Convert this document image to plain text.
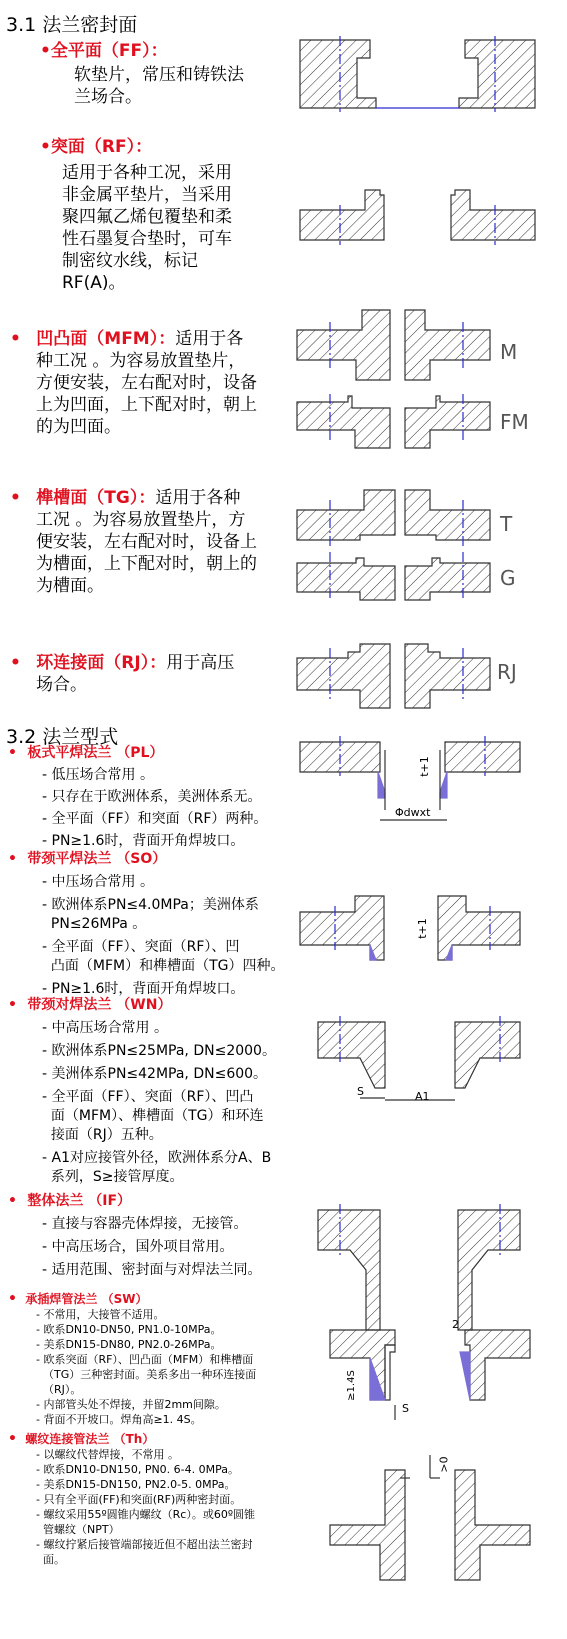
3.1 法兰密封面
•全平面（FF）：
软垫片，常压和铸铁法
兰场合。
•突面（RF）：
适用于各种工况，采用
非金属平垫片，当采用
聚四氟乙烯包覆垫和柔
性石墨复合垫时，可车
制密纹水线，标记
RF(A)。
• 凹凸面（MFM）：适用于各
种工况 。为容易放置垫片，
方便安装，左右配对时，设备
上为凹面，上下配对时，朝上
的为凹面。
• 榫槽面（TG）：适用于各种
工况 。为容易放置垫片，方
便安装，左右配对时，设备上
为槽面，上下配对时，朝上的
为槽面。
• 环连接面（RJ）：用于高压
场合。
M
FM
T
G
RJ
3.2 法兰型式
• 板式平焊法兰 （PL）
- 低压场合常用 。
- 只存在于欧洲体系，美洲体系无。
- 全平面（FF）和突面（RF）两种。
- PN≥1.6时，背面开角焊坡口。
• 带颈平焊法兰 （SO）
- 中压场合常用 。
- 欧洲体系PN≤4.0MPa；美洲体系
PN≤26MPa 。
- 全平面（FF）、突面（RF）、凹
凸面（MFM）和榫槽面（TG）四种。
- PN≥1.6时，背面开角焊坡口。
• 带颈对焊法兰 （WN）
- 中高压场合常用 。
- 欧洲体系PN≤25MPa, DN≤2000。
- 美洲体系PN≤42MPa, DN≤600。
- 全平面（FF）、突面（RF）、凹凸
面（MFM）、榫槽面（TG）和环连
接面（RJ）五种。
- A1对应接管外径，欧洲体系分A、B
系列，S≥接管厚度。
• 整体法兰 （IF）
- 直接与容器壳体焊接，无接管。
- 中高压场合，国外项目常用。
- 适用范围、密封面与对焊法兰同。
• 承插焊管法兰 （SW）
- 不常用，大接管不适用。
- 欧系DN10-DN50, PN1.0-10MPa。
- 美系DN15-DN80, PN2.0-26MPa。
- 欧系突面（RF）、凹凸面（MFM）和榫槽面
（TG）三种密封面。美系多出一种环连接面
（RJ）。
- 内部管头处不焊接，并留2mm间隙。
- 背面不开坡口。焊角高≥1. 4S。
• 螺纹连接管法兰 （Th）
- 以螺纹代替焊接，不常用 。
- 欧系DN10-DN150, PN0. 6-4. 0MPa。
- 美系DN15-DN150, PN2.0-5. 0MPa。
- 只有全平面(FF)和突面(RF)两种密封面。
- 螺纹采用55º圆锥内螺纹（Rc）。或60º圆锥
管螺纹（NPT）
- 螺纹拧紧后接管端部接近但不超出法兰密封
面。
t+1
Φdwxt
t+1
S	A1
2
≥1.4S
S
>0
